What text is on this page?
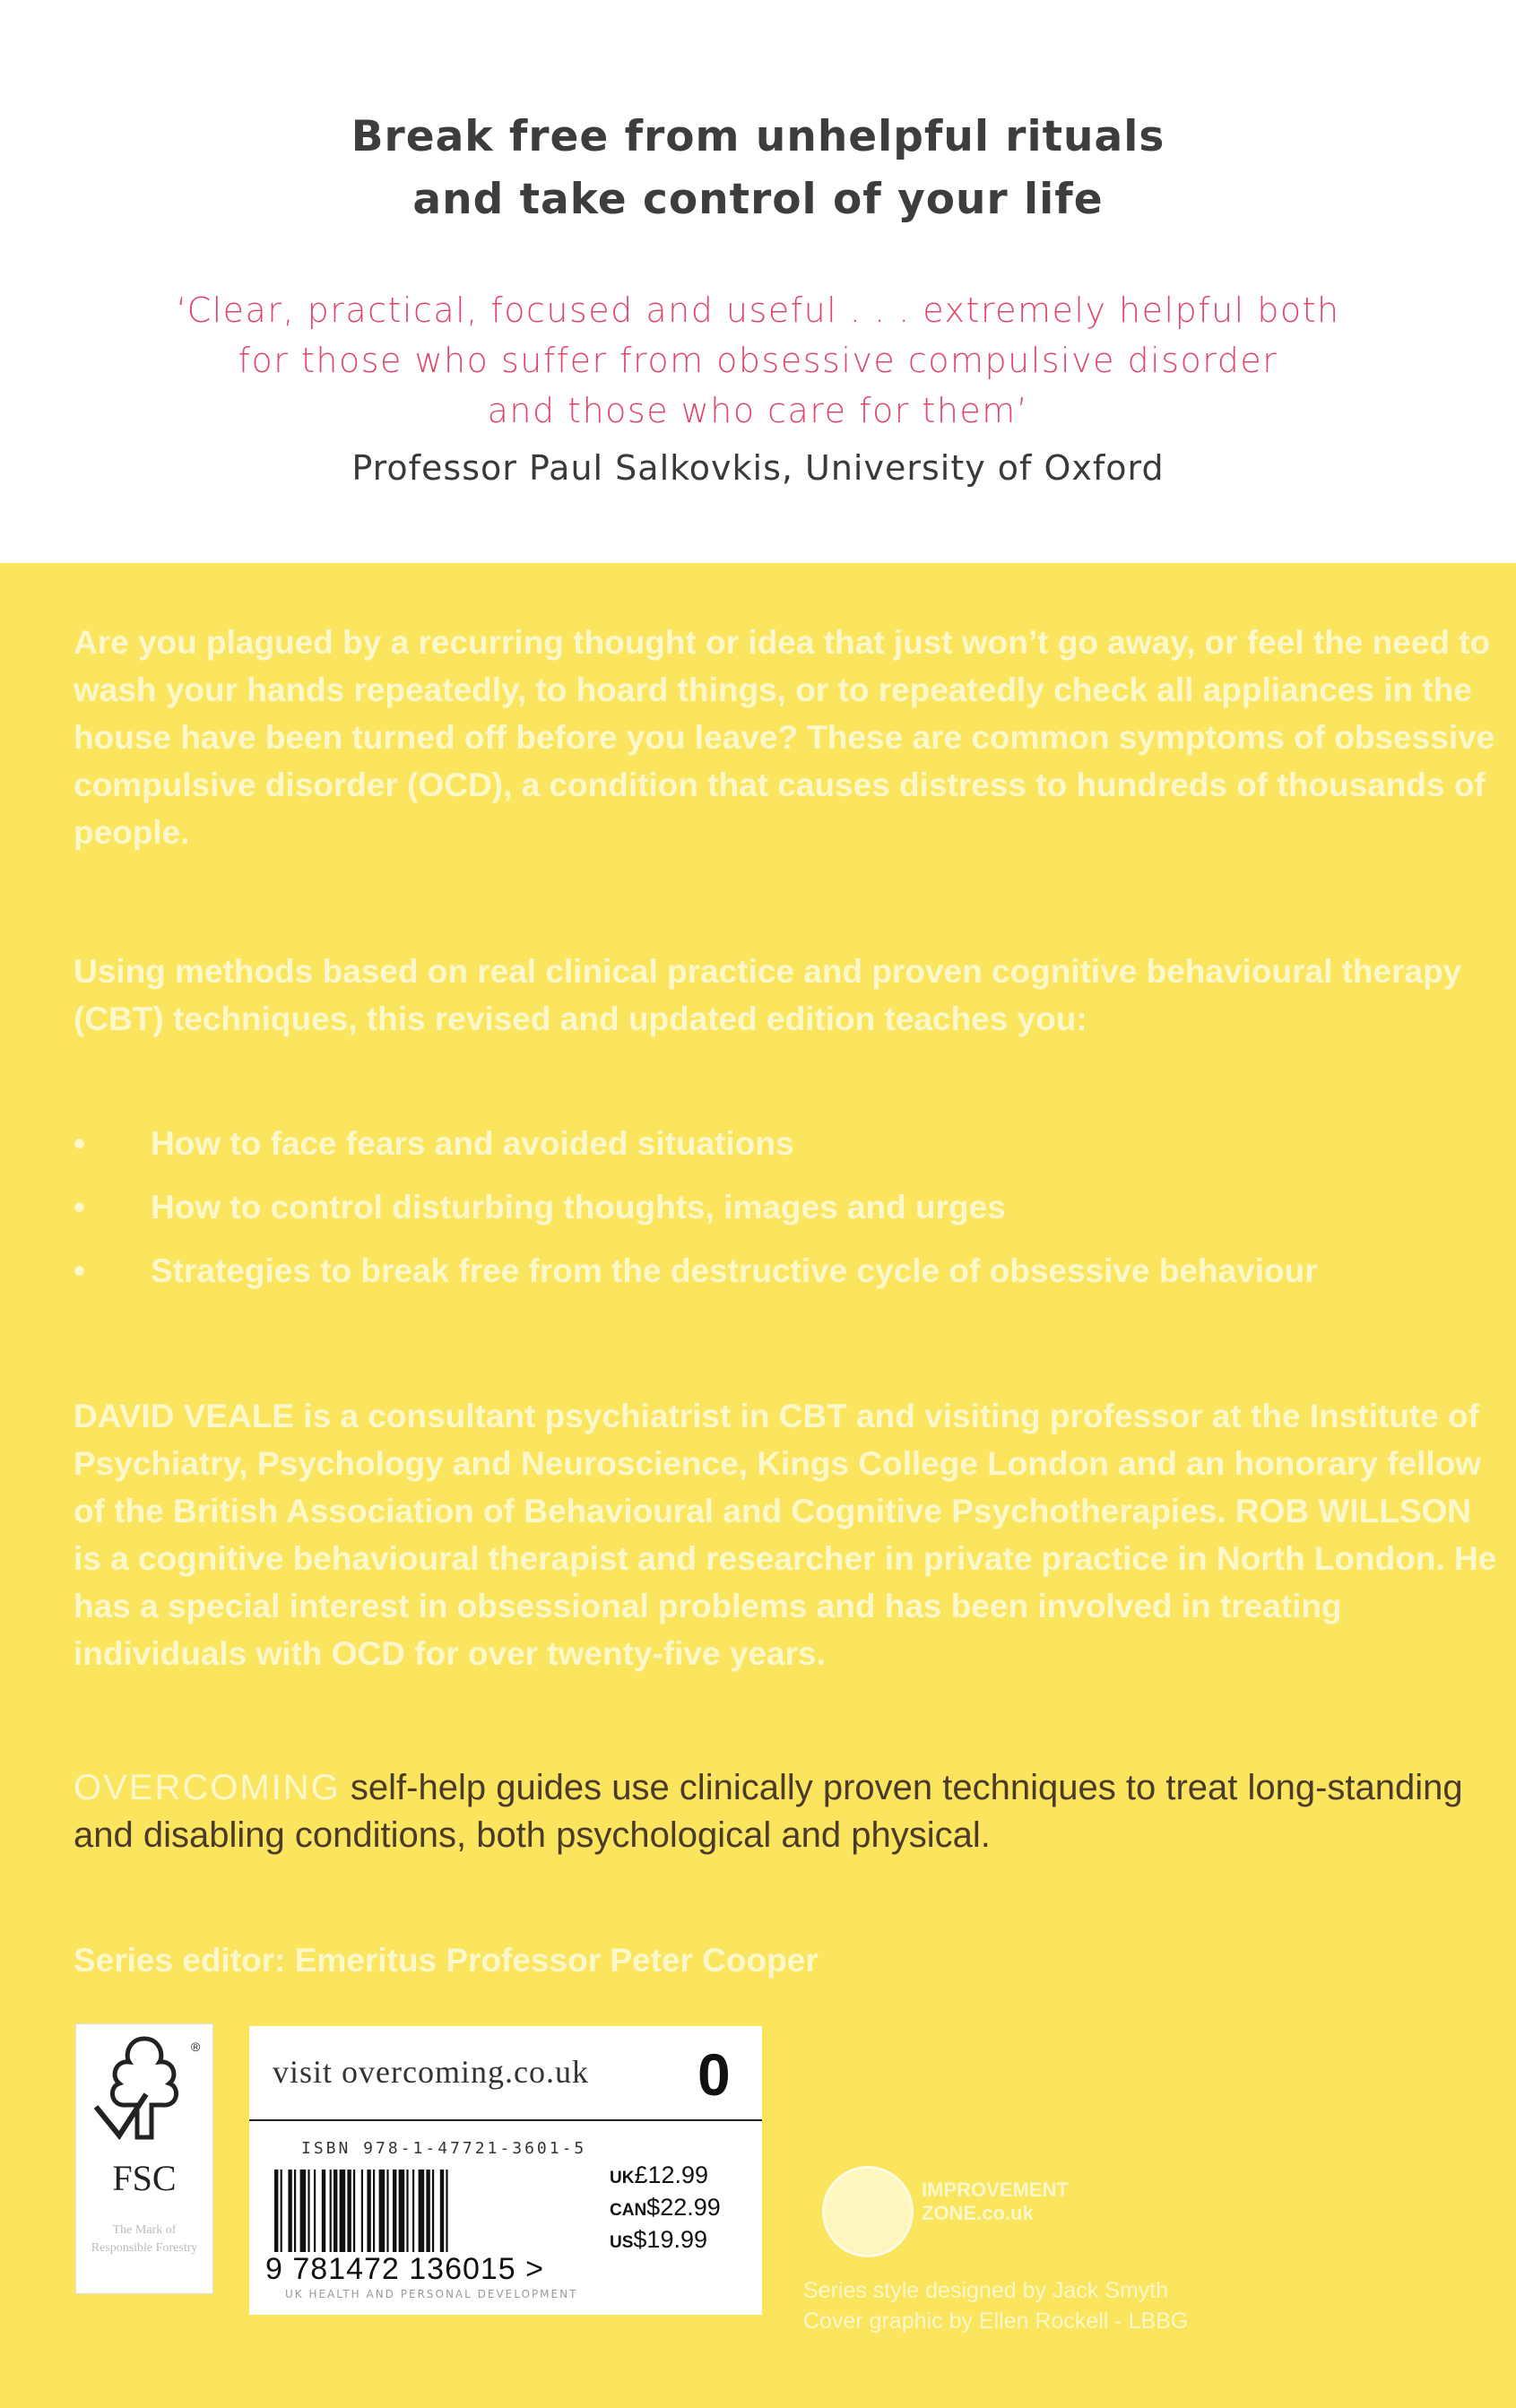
Break free from unhelpful rituals
and take control of your life

‘Clear, practical, focused and useful . . . extremely helpful both
for those who suffer from obsessive compulsive disorder
and those who care for them’

Professor Paul Salkovkis, University of Oxford

Are you plagued by a recurring thought or idea that just won’t go away, or feel the need to wash your hands repeatedly, to hoard things, or to repeatedly check all appliances in the house have been turned off before you leave? These are common symptoms of obsessive compulsive disorder (OCD), a condition that causes distress to hundreds of thousands of people.

Using methods based on real clinical practice and proven cognitive behavioural therapy (CBT) techniques, this revised and updated edition teaches you:

• How to face fears and avoided situations
• How to control disturbing thoughts, images and urges
• Strategies to break free from the destructive cycle of obsessive behaviour

DAVID VEALE is a consultant psychiatrist in CBT and visiting professor at the Institute of Psychiatry, Psychology and Neuroscience, Kings College London and an honorary fellow of the British Association of Behavioural and Cognitive Psychotherapies. ROB WILLSON is a cognitive behavioural therapist and researcher in private practice in North London. He has a special interest in obsessional problems and has been involved in treating individuals with OCD for over twenty-five years.

OVERCOMING self-help guides use clinically proven techniques to treat long-standing and disabling conditions, both psychological and physical.

Series editor: Emeritus Professor Peter Cooper

®
FSC
The Mark of Responsible Forestry
visit overcoming.co.uk 0
ISBN 978-1-47721-3601-5
9 781472 136015 >
UK HEALTH AND PERSONAL DEVELOPMENT
UK£12.99
CAN$22.99
US$19.99

IMPROVEMENT
ZONE.co.uk

Series style designed by Jack Smyth
Cover graphic by Ellen Rockell - LBBG
